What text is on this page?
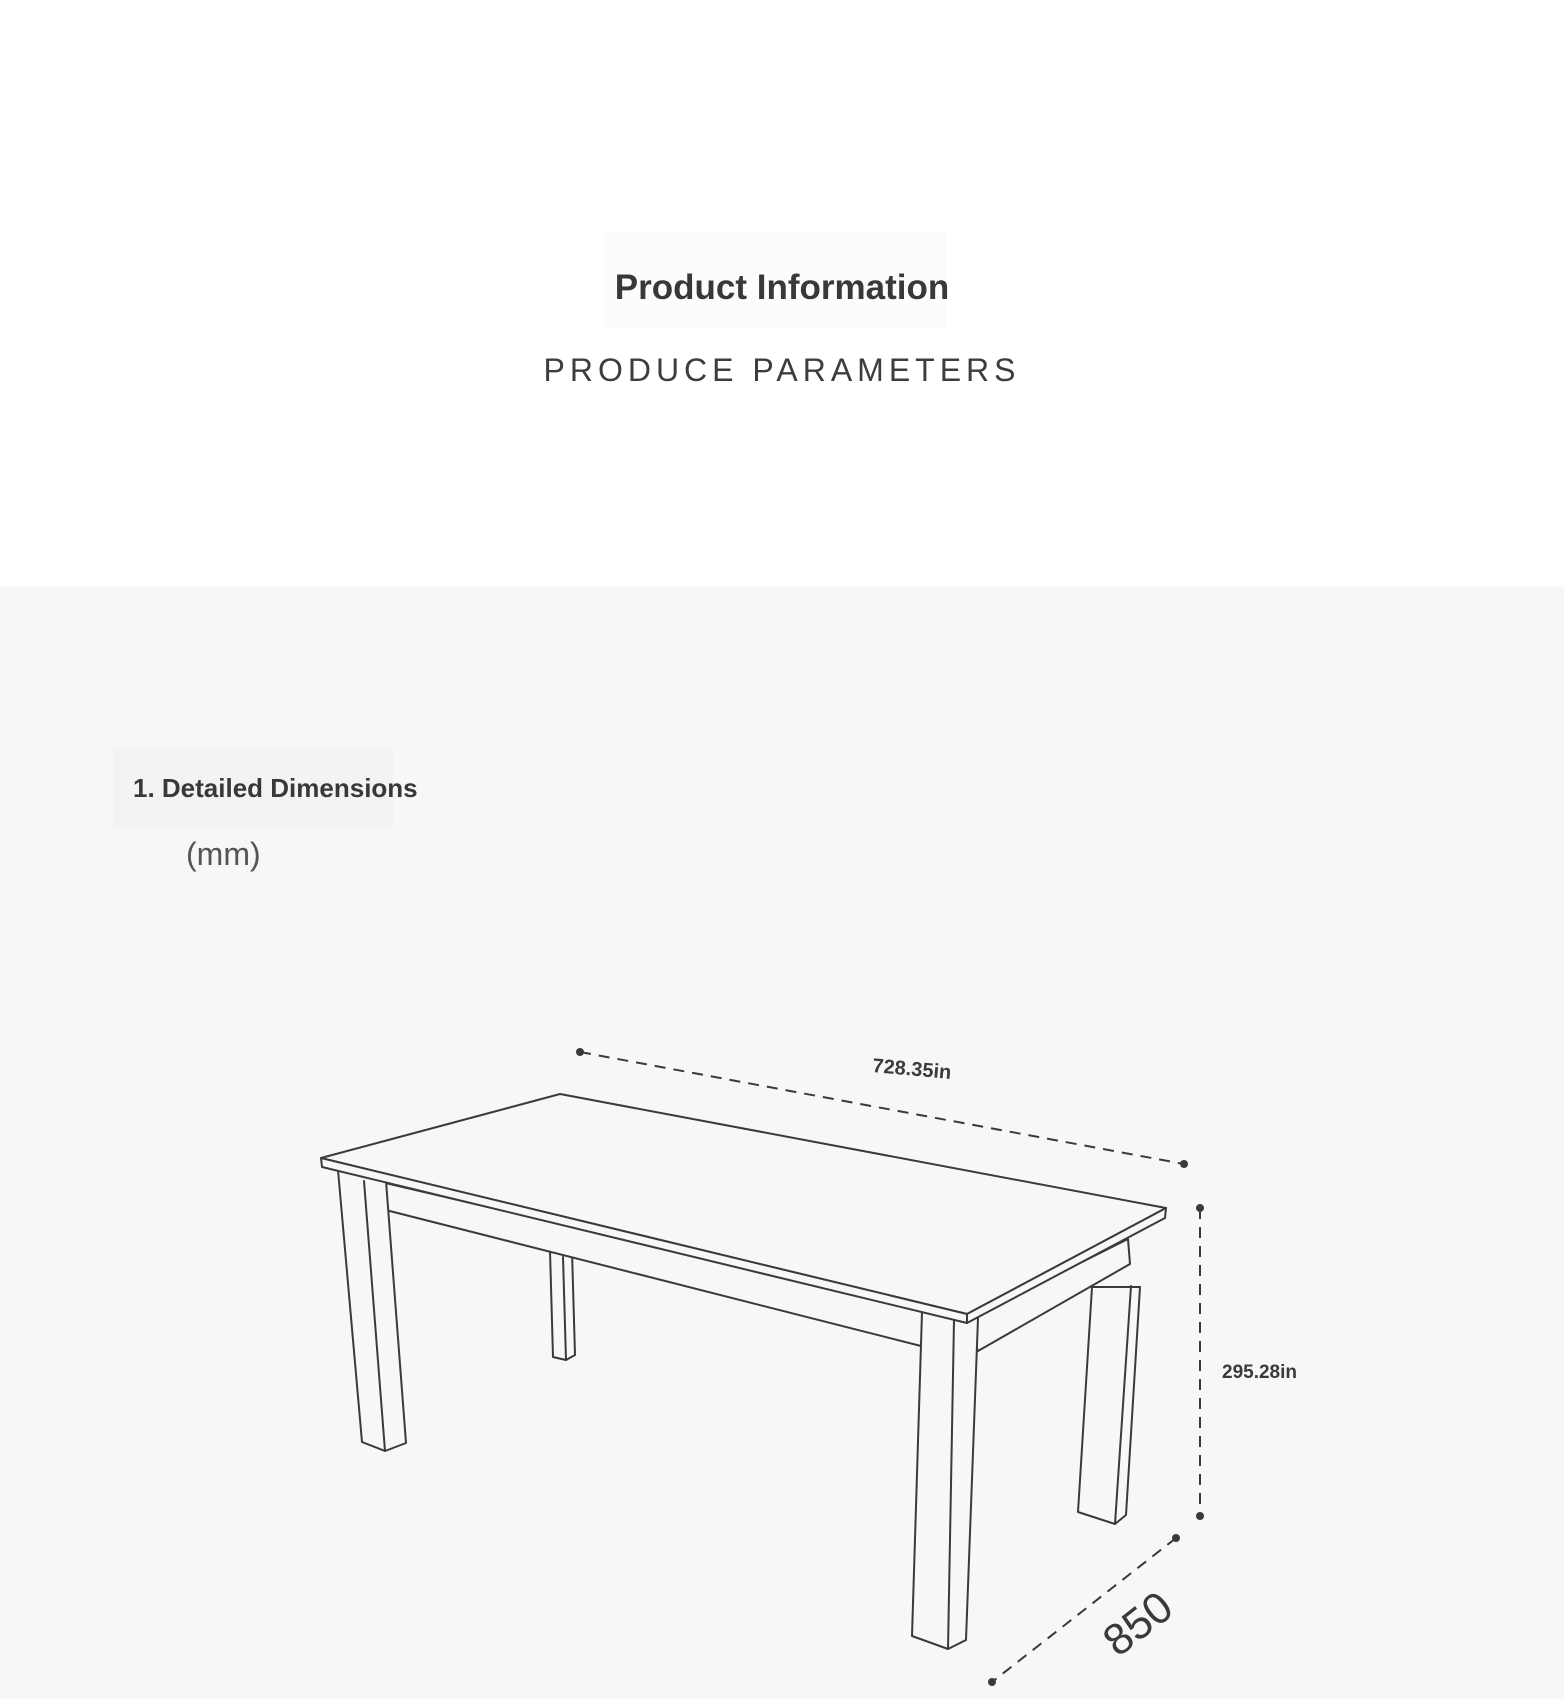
Product Information

PRODUCE PARAMETERS

1. Detailed Dimensions

(mm)

728.35in
295.28in
850
